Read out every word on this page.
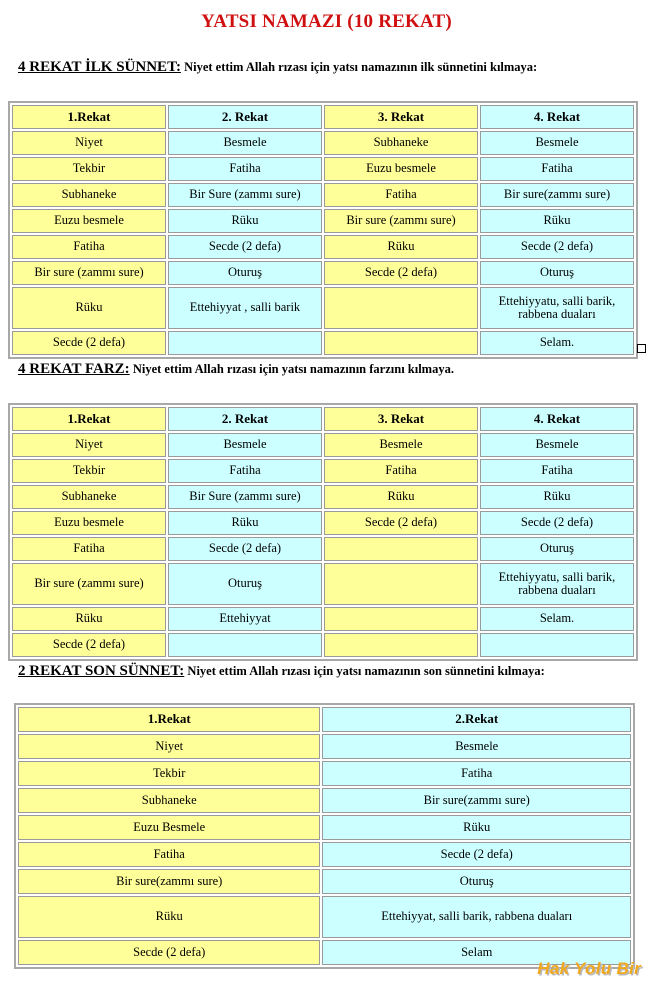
YATSI NAMAZI (10 REKAT)
4 REKAT İLK SÜNNET: Niyet ettim Allah rızası için yatsı namazının ilk sünnetini kılmaya:
1.Rekat	2. Rekat	3. Rekat	4. Rekat
Niyet	Besmele	Subhaneke	Besmele
Tekbir	Fatiha	Euzu besmele	Fatiha
Subhaneke	Bir Sure (zammı sure)	Fatiha	Bir sure(zammı sure)
Euzu besmele	Rüku	Bir sure (zammı sure)	Rüku
Fatiha	Secde (2 defa)	Rüku	Secde (2 defa)
Bir sure (zammı sure)	Oturuş	Secde (2 defa)	Oturuş
Rüku	Ettehiyyat , salli barik		Ettehiyyatu, salli barik, rabbena duaları
Secde (2 defa)			Selam.
4 REKAT FARZ: Niyet ettim Allah rızası için yatsı namazının farzını kılmaya.
1.Rekat	2. Rekat	3. Rekat	4. Rekat
Niyet	Besmele	Besmele	Besmele
Tekbir	Fatiha	Fatiha	Fatiha
Subhaneke	Bir Sure (zammı sure)	Rüku	Rüku
Euzu besmele	Rüku	Secde (2 defa)	Secde (2 defa)
Fatiha	Secde (2 defa)		Oturuş
Bir sure (zammı sure)	Oturuş		Ettehiyyatu, salli barik, rabbena duaları
Rüku	Ettehiyyat		Selam.
Secde (2 defa)			
2 REKAT SON SÜNNET: Niyet ettim Allah rızası için yatsı namazının son sünnetini kılmaya:
1.Rekat	2.Rekat
Niyet	Besmele
Tekbir	Fatiha
Subhaneke	Bir sure(zammı sure)
Euzu Besmele	Rüku
Fatiha	Secde (2 defa)
Bir sure(zammı sure)	Oturuş
Rüku	Ettehiyyat, salli barik, rabbena duaları
Secde (2 defa)	Selam
Hak Yolu Bir
